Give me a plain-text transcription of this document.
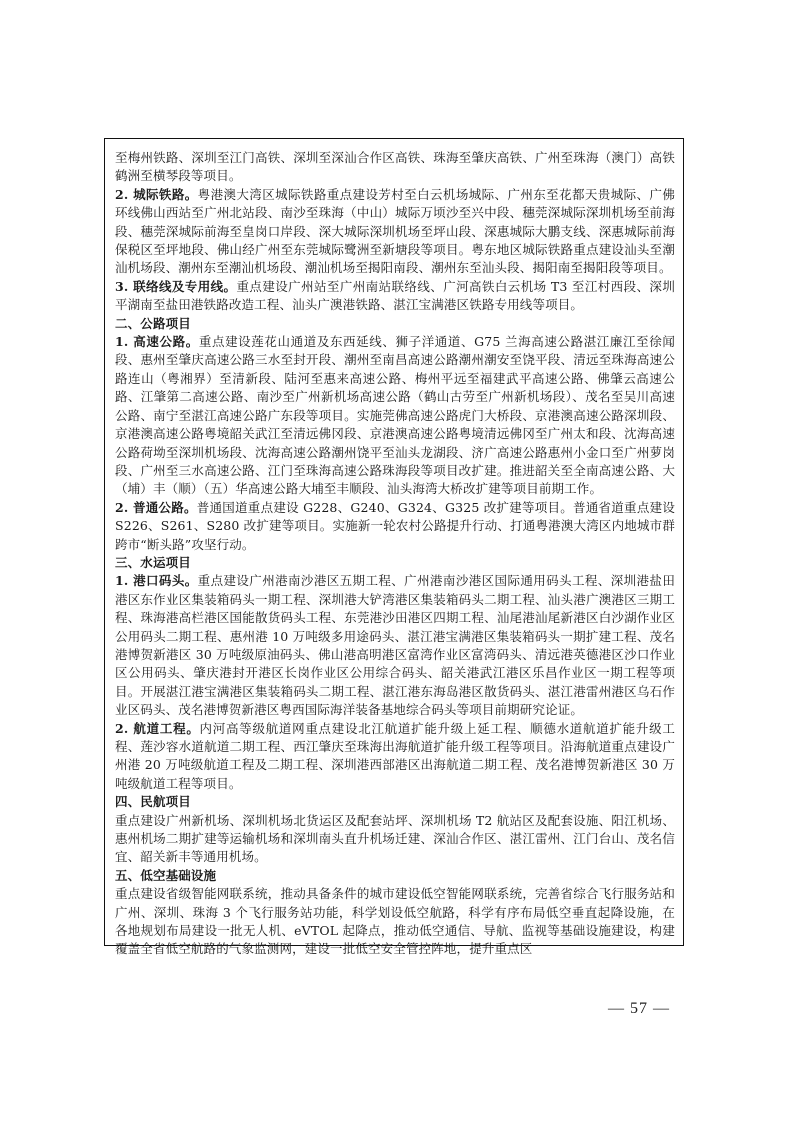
至梅州铁路、深圳至江门高铁、深圳至深汕合作区高铁、珠海至肇庆高铁、广州至珠海（澳门）高铁鹤洲至横琴段等项目。

2. 城际铁路。粤港澳大湾区城际铁路重点建设芳村至白云机场城际、广州东至花都天贵城际、广佛环线佛山西站至广州北站段、南沙至珠海（中山）城际万顷沙至兴中段、穗莞深城际深圳机场至前海段、穗莞深城际前海至皇岗口岸段、深大城际深圳机场至坪山段、深惠城际大鹏支线、深惠城际前海保税区至坪地段、佛山经广州至东莞城际鹭洲至新塘段等项目。粤东地区城际铁路重点建设汕头至潮汕机场段、潮州东至潮汕机场段、潮汕机场至揭阳南段、潮州东至汕头段、揭阳南至揭阳段等项目。

3. 联络线及专用线。重点建设广州站至广州南站联络线、广河高铁白云机场 T3 至江村西段、深圳平湖南至盐田港铁路改造工程、汕头广澳港铁路、湛江宝满港区铁路专用线等项目。

二、公路项目

1. 高速公路。重点建设莲花山通道及东西延线、狮子洋通道、G75 兰海高速公路湛江廉江至徐闻段、惠州至肇庆高速公路三水至封开段、潮州至南昌高速公路潮州潮安至饶平段、清远至珠海高速公路连山（粤湘界）至清新段、陆河至惠来高速公路、梅州平远至福建武平高速公路、佛肇云高速公路、江肇第二高速公路、南沙至广州新机场高速公路（鹤山古劳至广州新机场段）、茂名至吴川高速公路、南宁至湛江高速公路广东段等项目。实施莞佛高速公路虎门大桥段、京港澳高速公路深圳段、京港澳高速公路粤境韶关武江至清远佛冈段、京港澳高速公路粤境清远佛冈至广州太和段、沈海高速公路荷坳至深圳机场段、沈海高速公路潮州饶平至汕头龙湖段、济广高速公路惠州小金口至广州萝岗段、广州至三水高速公路、江门至珠海高速公路珠海段等项目改扩建。推进韶关至全南高速公路、大（埔）丰（顺）（五）华高速公路大埔至丰顺段、汕头海湾大桥改扩建等项目前期工作。

2. 普通公路。普通国道重点建设 G228、G240、G324、G325 改扩建等项目。普通省道重点建设 S226、S261、S280 改扩建等项目。实施新一轮农村公路提升行动、打通粤港澳大湾区内地城市群跨市“断头路”攻坚行动。

三、水运项目

1. 港口码头。重点建设广州港南沙港区五期工程、广州港南沙港区国际通用码头工程、深圳港盐田港区东作业区集装箱码头一期工程、深圳港大铲湾港区集装箱码头二期工程、汕头港广澳港区三期工程、珠海港高栏港区国能散货码头工程、东莞港沙田港区四期工程、汕尾港汕尾新港区白沙湖作业区公用码头二期工程、惠州港 10 万吨级多用途码头、湛江港宝满港区集装箱码头一期扩建工程、茂名港博贺新港区 30 万吨级原油码头、佛山港高明港区富湾作业区富湾码头、清远港英德港区沙口作业区公用码头、肇庆港封开港区长岗作业区公用综合码头、韶关港武江港区乐昌作业区一期工程等项目。开展湛江港宝满港区集装箱码头二期工程、湛江港东海岛港区散货码头、湛江港雷州港区乌石作业区码头、茂名港博贺新港区粤西国际海洋装备基地综合码头等项目前期研究论证。

2. 航道工程。内河高等级航道网重点建设北江航道扩能升级上延工程、顺德水道航道扩能升级工程、莲沙容水道航道二期工程、西江肇庆至珠海出海航道扩能升级工程等项目。沿海航道重点建设广州港 20 万吨级航道工程及二期工程、深圳港西部港区出海航道二期工程、茂名港博贺新港区 30 万吨级航道工程等项目。

四、民航项目

重点建设广州新机场、深圳机场北货运区及配套站坪、深圳机场 T2 航站区及配套设施、阳江机场、惠州机场二期扩建等运输机场和深圳南头直升机场迁建、深汕合作区、湛江雷州、江门台山、茂名信宜、韶关新丰等通用机场。

五、低空基础设施

重点建设省级智能网联系统，推动具备条件的城市建设低空智能网联系统，完善省综合飞行服务站和广州、深圳、珠海 3 个飞行服务站功能，科学划设低空航路，科学有序布局低空垂直起降设施，在各地规划布局建设一批无人机、eVTOL 起降点，推动低空通信、导航、监视等基础设施建设，构建覆盖全省低空航路的气象监测网，建设一批低空安全管控阵地，提升重点区

— 57 —
